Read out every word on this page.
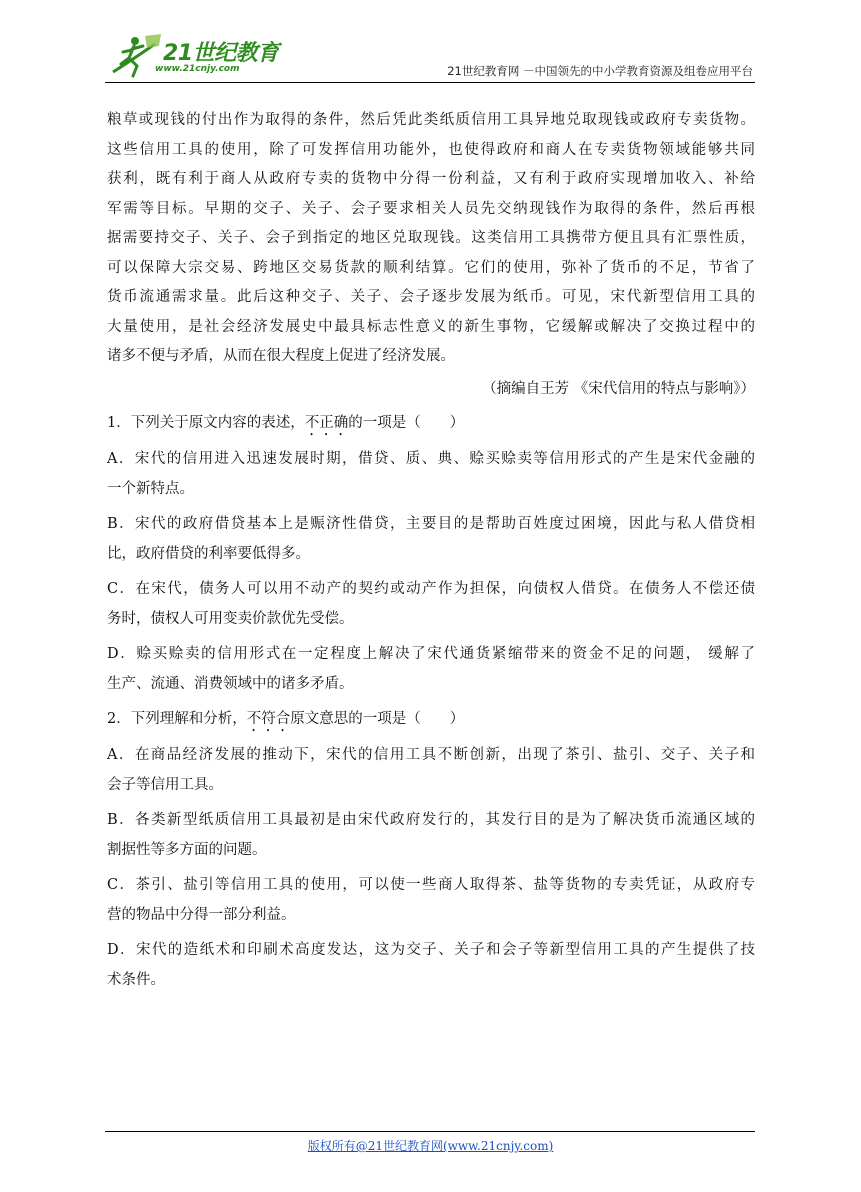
21世纪教育
www.21cnjy.com	21世纪教育网 －中国领先的中小学教育资源及组卷应用平台
粮草或现钱的付出作为取得的条件，然后凭此类纸质信用工具异地兑取现钱或政府专卖货物。
这些信用工具的使用，除了可发挥信用功能外，也使得政府和商人在专卖货物领域能够共同
获利，既有利于商人从政府专卖的货物中分得一份利益，又有利于政府实现增加收入、补给
军需等目标。早期的交子、关子、会子要求相关人员先交纳现钱作为取得的条件，然后再根
据需要持交子、关子、会子到指定的地区兑取现钱。这类信用工具携带方便且具有汇票性质，
可以保障大宗交易、跨地区交易货款的顺利结算。它们的使用，弥补了货币的不足，节省了
货币流通需求量。此后这种交子、关子、会子逐步发展为纸币。可见，宋代新型信用工具的
大量使用，是社会经济发展史中最具标志性意义的新生事物，它缓解或解决了交换过程中的
诸多不便与矛盾，从而在很大程度上促进了经济发展。
（摘编自王芳 《宋代信用的特点与影响》）
1．下列关于原文内容的表述，不正确的一项是（　　）
A．宋代的信用进入迅速发展时期，借贷、质、典、赊买赊卖等信用形式的产生是宋代金融的
一个新特点。
B．宋代的政府借贷基本上是赈济性借贷，主要目的是帮助百姓度过困境，因此与私人借贷相
比，政府借贷的利率要低得多。
C．在宋代，债务人可以用不动产的契约或动产作为担保，向债权人借贷。在债务人不偿还债
务时，债权人可用变卖价款优先受偿。
D．赊买赊卖的信用形式在一定程度上解决了宋代通货紧缩带来的资金不足的问题， 缓解了
生产、流通、消费领域中的诸多矛盾。
2．下列理解和分析，不符合原文意思的一项是（　　）
A．在商品经济发展的推动下，宋代的信用工具不断创新，出现了茶引、盐引、交子、关子和
会子等信用工具。
B．各类新型纸质信用工具最初是由宋代政府发行的，其发行目的是为了解决货币流通区域的
割据性等多方面的问题。
C．茶引、盐引等信用工具的使用，可以使一些商人取得茶、盐等货物的专卖凭证，从政府专
营的物品中分得一部分利益。
D．宋代的造纸术和印刷术高度发达，这为交子、关子和会子等新型信用工具的产生提供了技
术条件。
版权所有@21世纪教育网(www.21cnjy.com)
